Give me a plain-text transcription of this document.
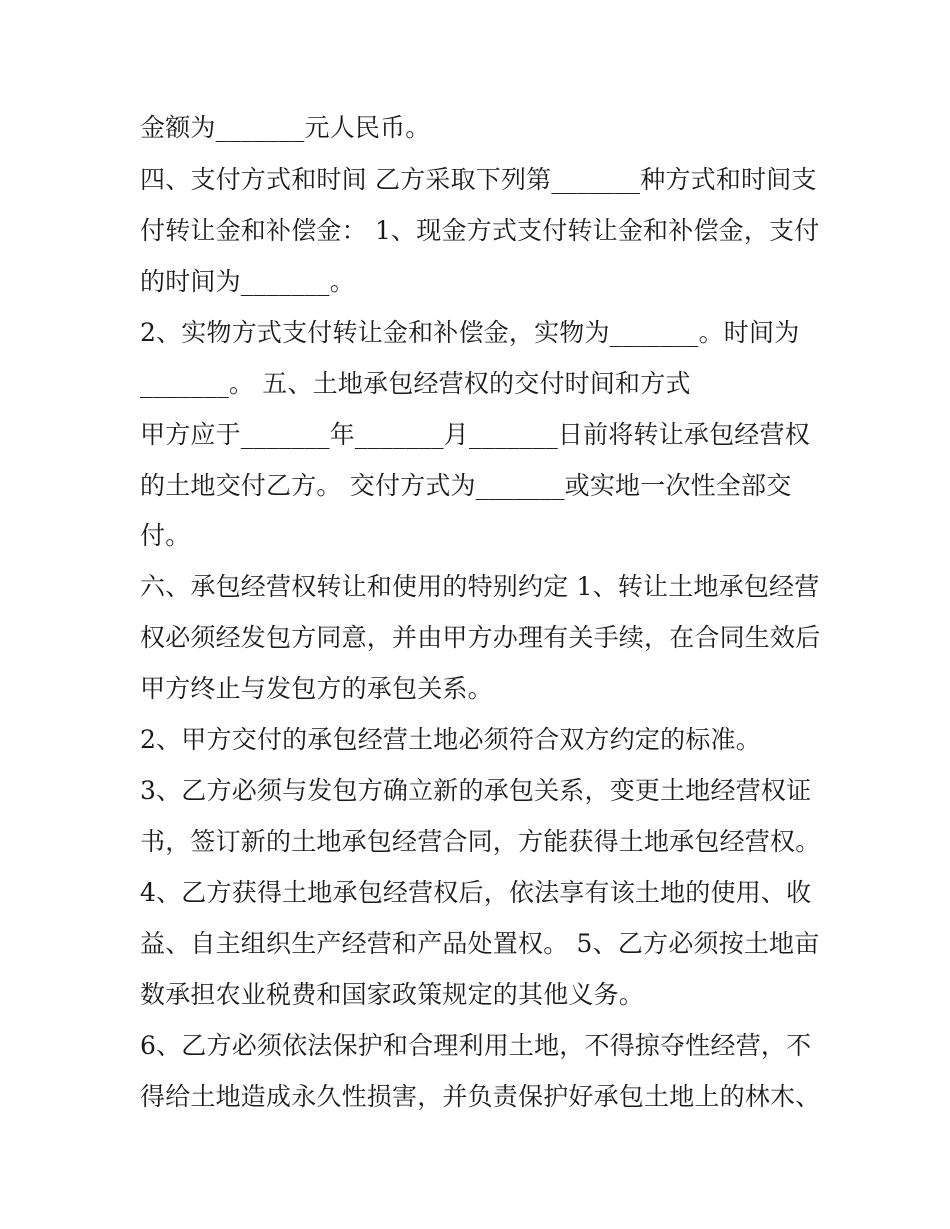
金额为_______元人民币。
四、支付方式和时间 乙方采取下列第_______种方式和时间支
付转让金和补偿金： 1、现金方式支付转让金和补偿金，支付
的时间为_______。
2、实物方式支付转让金和补偿金，实物为_______。时间为
_______。 五、土地承包经营权的交付时间和方式
甲方应于_______年_______月_______日前将转让承包经营权
的土地交付乙方。 交付方式为_______或实地一次性全部交
付。
六、承包经营权转让和使用的特别约定 1、转让土地承包经营
权必须经发包方同意，并由甲方办理有关手续，在合同生效后
甲方终止与发包方的承包关系。
2、甲方交付的承包经营土地必须符合双方约定的标准。
3、乙方必须与发包方确立新的承包关系，变更土地经营权证
书，签订新的土地承包经营合同，方能获得土地承包经营权。
4、乙方获得土地承包经营权后，依法享有该土地的使用、收
益、自主组织生产经营和产品处置权。 5、乙方必须按土地亩
数承担农业税费和国家政策规定的其他义务。
6、乙方必须依法保护和合理利用土地，不得掠夺性经营，不
得给土地造成永久性损害，并负责保护好承包土地上的林木、
